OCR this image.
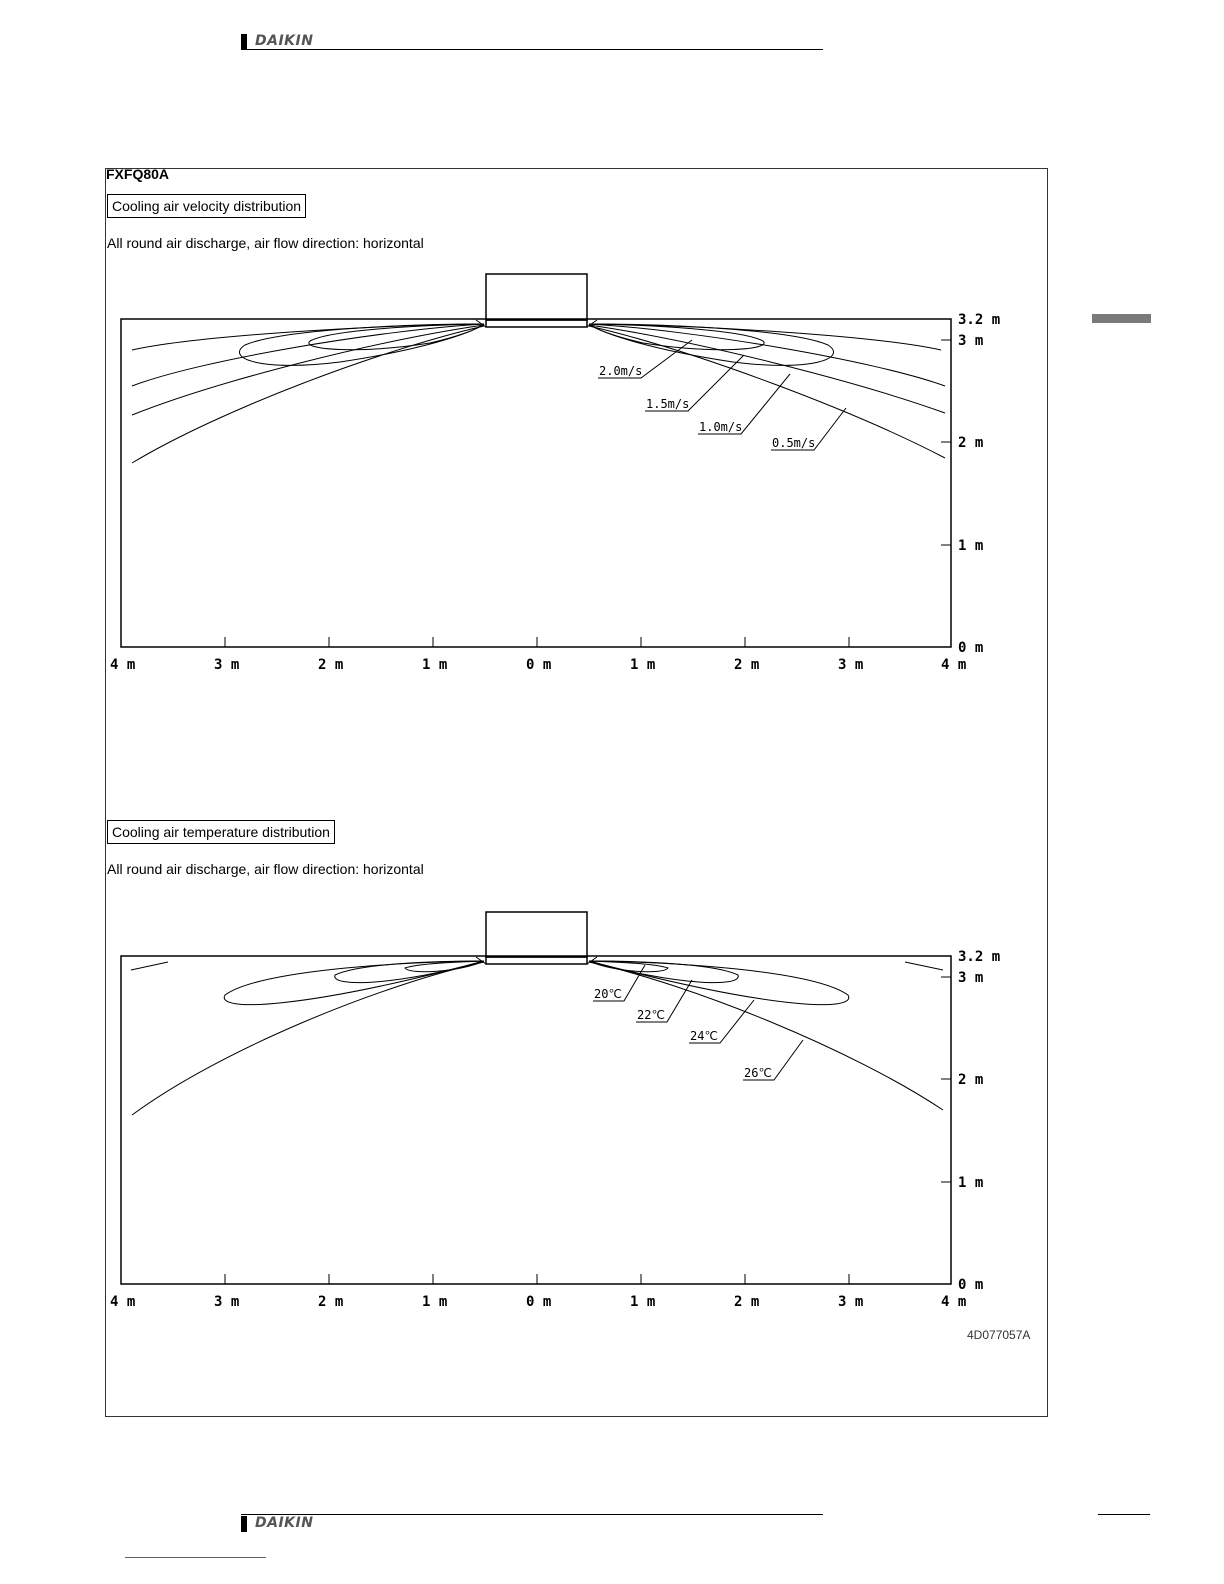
DAIKIN
FXFQ80A
Cooling air velocity distribution
All round air discharge, air flow direction: horizontal
2.0m/s
1.5m/s
1.0m/s
0.5m/s
4 m	3 m	2 m	1 m	0 m	1 m	2 m	3 m	4 m
3.2 m
3 m
2 m
1 m
0 m
20℃
22℃
24℃
26℃
4 m	3 m	2 m	1 m	0 m	1 m	2 m	3 m	4 m
3.2 m
3 m
2 m
1 m
0 m
Cooling air temperature distribution
All round air discharge, air flow direction: horizontal
4D077057A
DAIKIN
